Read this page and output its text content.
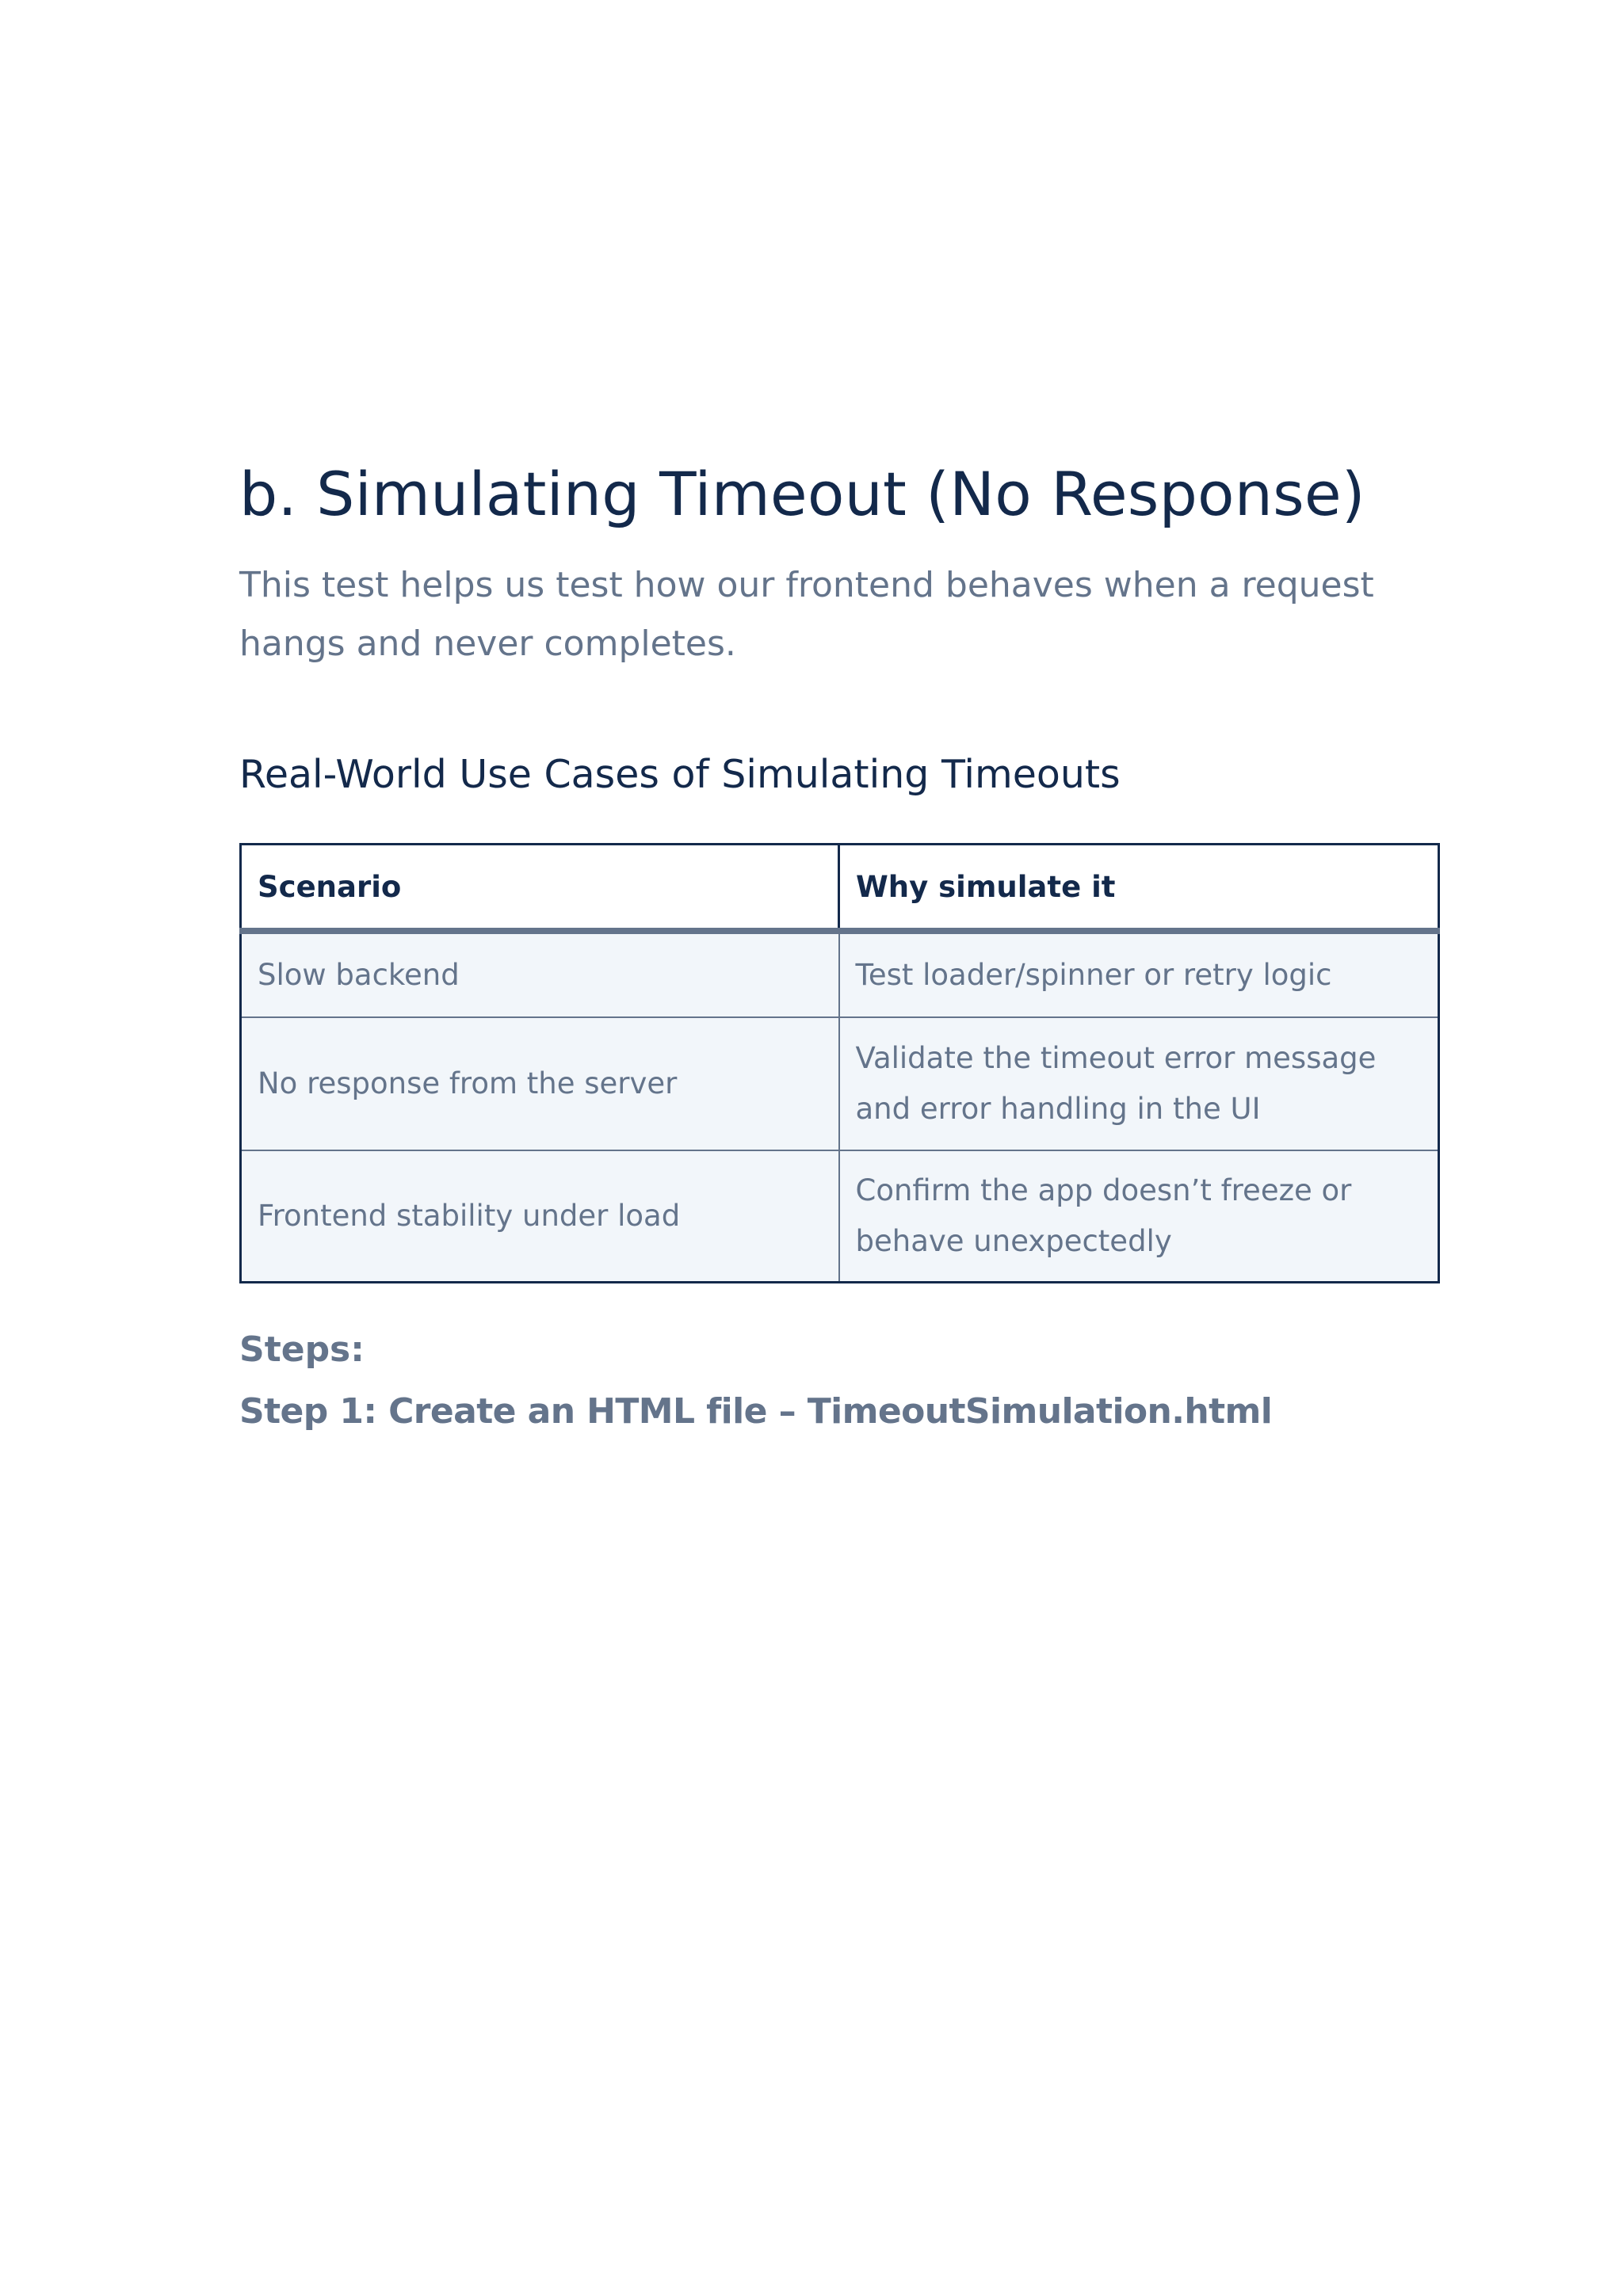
b. Simulating Timeout (No Response)

This test helps us test how our frontend behaves when a request hangs and never completes.

Real-World Use Cases of Simulating Timeouts
Scenario	Why simulate it
Slow backend	Test loader/spinner or retry logic
No response from the server	Validate the timeout error message and error handling in the UI
Frontend stability under load	Confirm the app doesn’t freeze or behave unexpectedly

Steps:

Step 1: Create an HTML file – TimeoutSimulation.html
